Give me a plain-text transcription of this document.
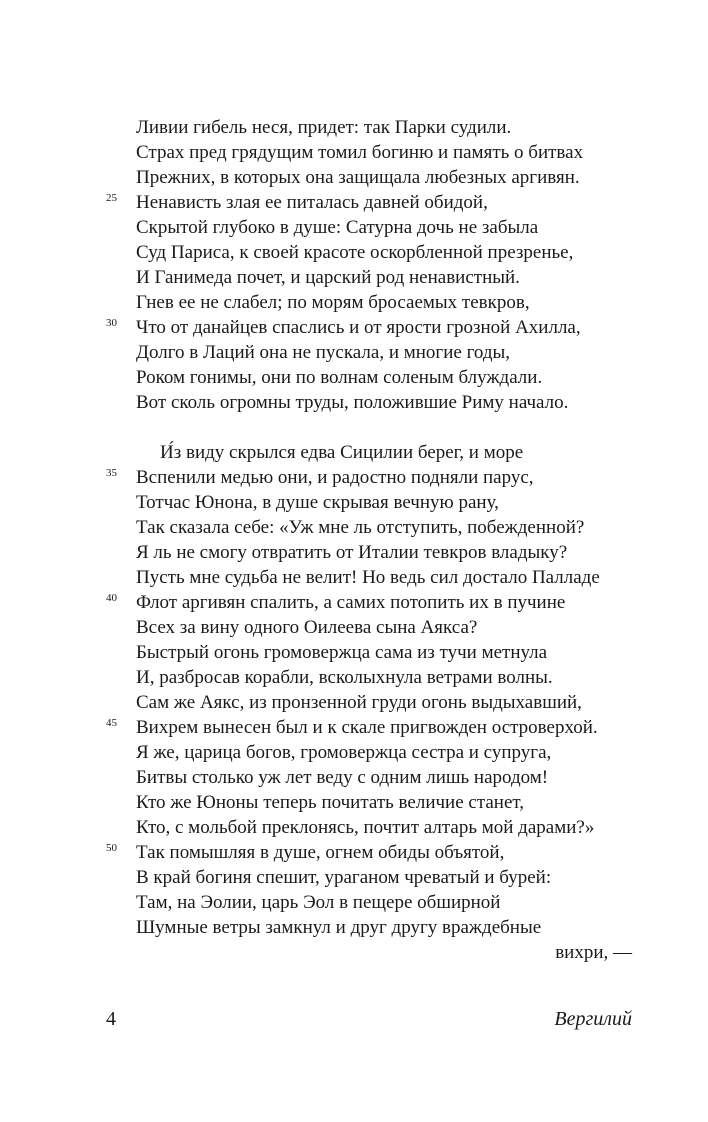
Ливии гибель неся, придет: так Парки судили.
Страх пред грядущим томил богиню и память о битвах
Прежних, в которых она защищала любезных аргивян.
25 Ненависть злая ее питалась давней обидой,
Скрытой глубоко в душе: Сатурна дочь не забыла
Суд Париса, к своей красоте оскорбленной презренье,
И Ганимеда почет, и царский род ненавистный.
Гнев ее не слабел; по морям бросаемых тевкров,
30 Что от данайцев спаслись и от ярости грозной Ахилла,
Долго в Лаций она не пускала, и многие годы,
Роком гонимы, они по волнам соленым блуждали.
Вот сколь огромны труды, положившие Риму начало.
И́з виду скрылся едва Сицилии берег, и море
35 Вспенили медью они, и радостно подняли парус,
Тотчас Юнона, в душе скрывая вечную рану,
Так сказала себе: «Уж мне ль отступить, побежденной?
Я ль не смогу отвратить от Италии тевкров владыку?
Пусть мне судьба не велит! Но ведь сил достало Палладе
40 Флот аргивян спалить, а самих потопить их в пучине
Всех за вину одного Оилеева сына Аякса?
Быстрый огонь громовержца сама из тучи метнула
И, разбросав корабли, всколыхнула ветрами волны.
Сам же Аякс, из пронзенной груди огонь выдыхавший,
45 Вихрем вынесен был и к скале пригвожден островерхой.
Я же, царица богов, громовержца сестра и супруга,
Битвы столько уж лет веду с одним лишь народом!
Кто же Юноны теперь почитать величие станет,
Кто, с мольбой преклонясь, почтит алтарь мой дарами?»
50 Так помышляя в душе, огнем обиды объятой,
В край богиня спешит, ураганом чреватый и бурей:
Там, на Эолии, царь Эол в пещере обширной
Шумные ветры замкнул и друг другу враждебные
вихри, —
4	Вергилий
